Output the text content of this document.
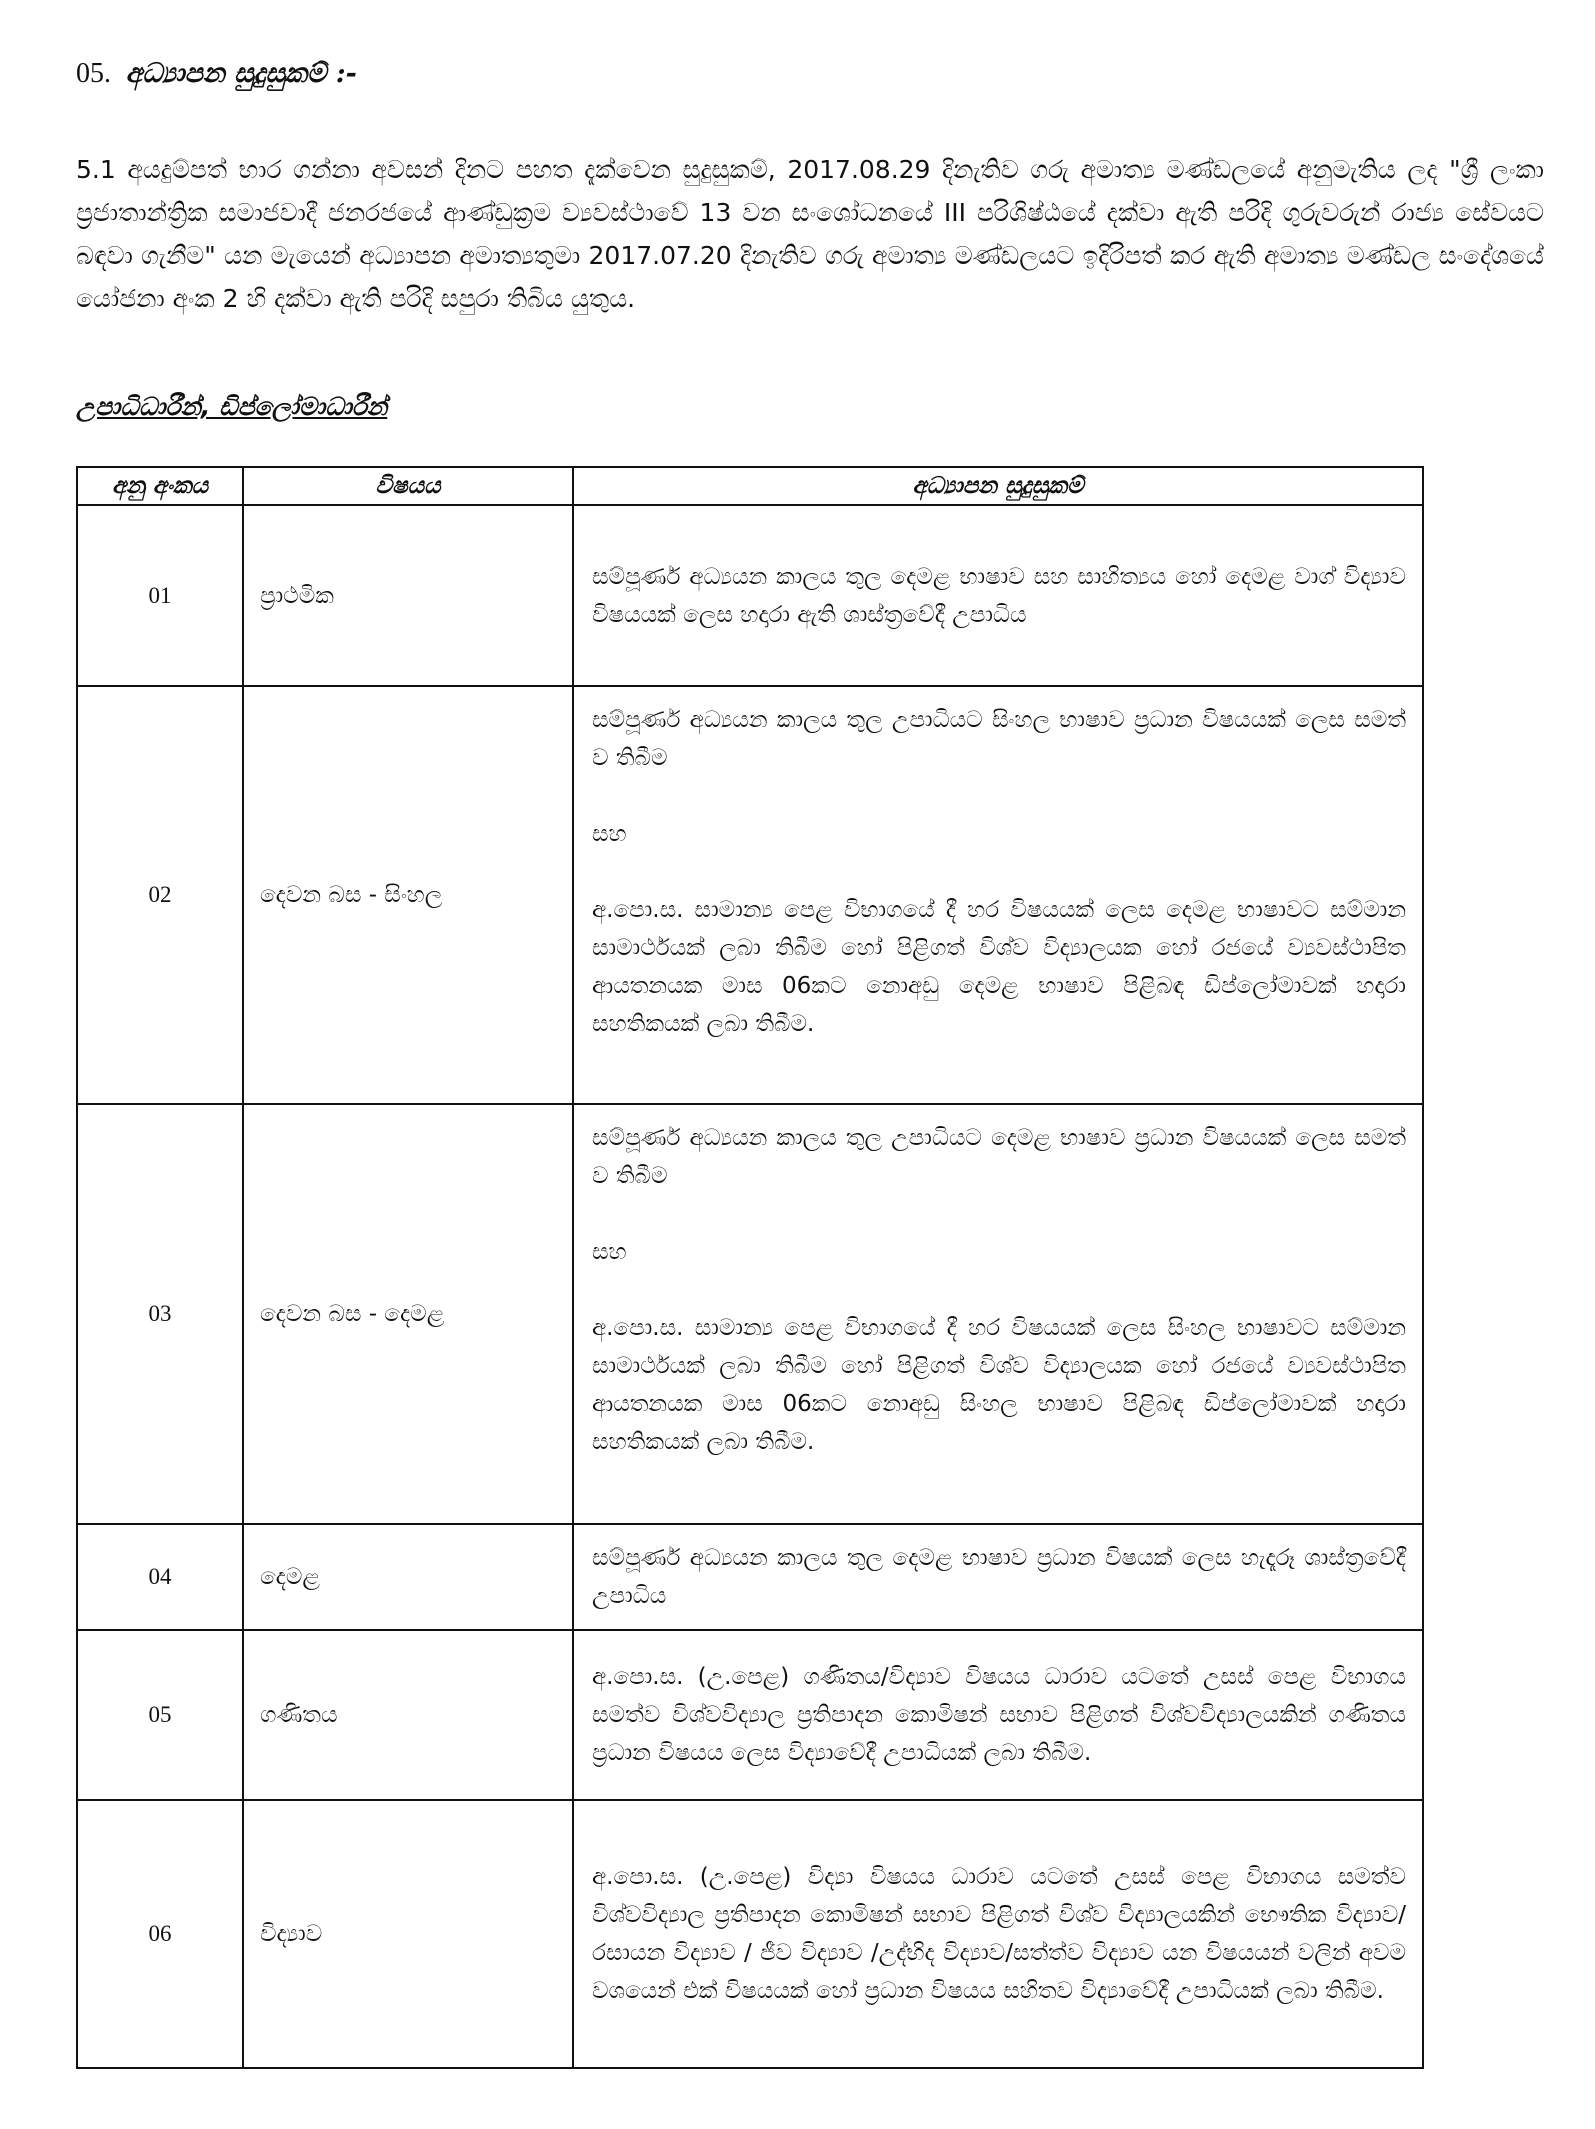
05. අධ්‍යාපන සුදුසුකම් :-
5.1 අයදුම්පත් භාර ගන්නා අවසන් දිනට පහත දැක්වෙන සුදුසුකම්, 2017.08.29 දිනැතිව ගරු අමාත්‍ය මණ්ඩලයේ අනුමැතිය ලද "ශ්‍රී ලංකා ප්‍රජාතාන්ත්‍රික සමාජවාදී ජනරජයේ ආණ්ඩුක්‍රම ව්‍යවස්ථාවේ 13 වන සංශෝධනයේ III පරිශිෂ්ඨයේ දක්වා ඇති පරිදි ගුරුවරුන් රාජ්‍ය සේවයට බඳවා ගැනීම" යන මැයෙන් අධ්‍යාපන අමාත්‍යතුමා 2017.07.20 දිනැතිව ගරු අමාත්‍ය මණ්ඩලයට ඉදිරිපත් කර ඇති අමාත්‍ය මණ්ඩල සංදේශයේ යෝජනා අංක 2 හි දක්වා ඇති පරිදි සපුරා තිබිය යුතුය.
උපාධිධාරීන්, ඩිප්ලෝමාධාරීන්
අනු අංකය	විෂයය	අධ්‍යාපන සුදුසුකම්
01	ප්‍රාථමික	සම්පූර්ණ අධ්‍යයන කාලය තුල දෙමළ භාෂාව සහ සාහිත්‍යය හෝ දෙමළ වාග් විද්‍යාව විෂයයක් ලෙස හදාරා ඇති ශාස්ත්‍රවේදී උපාධිය

02	දෙවන බස - සිංහල	සම්පූර්ණ අධ්‍යයන කාලය තුල උපාධියට සිංහල භාෂාව ප්‍රධාන විෂයයක් ලෙස සමත් ව තිබීම
සහ
අ.පො.ස. සාමාන්‍ය පෙළ විභාගයේ දී හර විෂයයක් ලෙස දෙමළ භාෂාවට සම්මාන සාමාර්ථයක් ලබා තිබීම හෝ පිළිගත් විශ්ව විද්‍යාලයක හෝ රජයේ ව්‍යවස්ථාපිත ආයතනයක මාස 06කට නොඅඩු දෙමළ භාෂාව පිළිබඳ ඩිප්ලෝමාවක් හදාරා සහතිකයක් ලබා තිබීම.

03	දෙවන බස - දෙමළ	සම්පූර්ණ අධ්‍යයන කාලය තුල උපාධියට දෙමළ භාෂාව ප්‍රධාන විෂයයක් ලෙස සමත් ව තිබීම
සහ
අ.පො.ස. සාමාන්‍ය පෙළ විභාගයේ දී හර විෂයයක් ලෙස සිංහල භාෂාවට සම්මාන සාමාර්ථයක් ලබා තිබීම හෝ පිළිගත් විශ්ව විද්‍යාලයක හෝ රජයේ ව්‍යවස්ථාපිත ආයතනයක මාස 06කට නොඅඩු සිංහල භාෂාව පිළිබඳ ඩිප්ලෝමාවක් හදාරා සහතිකයක් ලබා තිබීම.

04	දෙමළ	සම්පූර්ණ අධ්‍යයන කාලය තුල දෙමළ භාෂාව ප්‍රධාන විෂයක් ලෙස හැදෑරූ ශාස්ත්‍රවේදී උපාධිය

05	ගණිතය	අ.පො.ස. (උ.පෙළ) ගණිතය/විද්‍යාව විෂයය ධාරාව යටතේ උසස් පෙළ විභාගය සමත්ව විශ්වවිද්‍යාල ප්‍රතිපාදන කොමිෂන් සභාව පිළිගත් විශ්වවිද්‍යාලයකින් ගණිතය ප්‍රධාන විෂයය ලෙස විද්‍යාවේදී උපාධියක් ලබා තිබීම.

06	විද්‍යාව	අ.පො.ස. (උ.පෙළ) විද්‍යා විෂයය ධාරාව යටතේ උසස් පෙළ විභාගය සමත්ව විශ්වවිද්‍යාල ප්‍රතිපාදන කොමිෂන් සභාව පිළිගත් විශ්ව විද්‍යාලයකින් භෞතික විද්‍යාව/රසායන විද්‍යාව / ජීව විද්‍යාව /උද්භිද විද්‍යාව/සත්ත්ව විද්‍යාව යන විෂයයන් වලින් අවම වශයෙන් එක් විෂයයක් හෝ ප්‍රධාන විෂයය සහිතව විද්‍යාවේදී උපාධියක් ලබා තිබීම.
